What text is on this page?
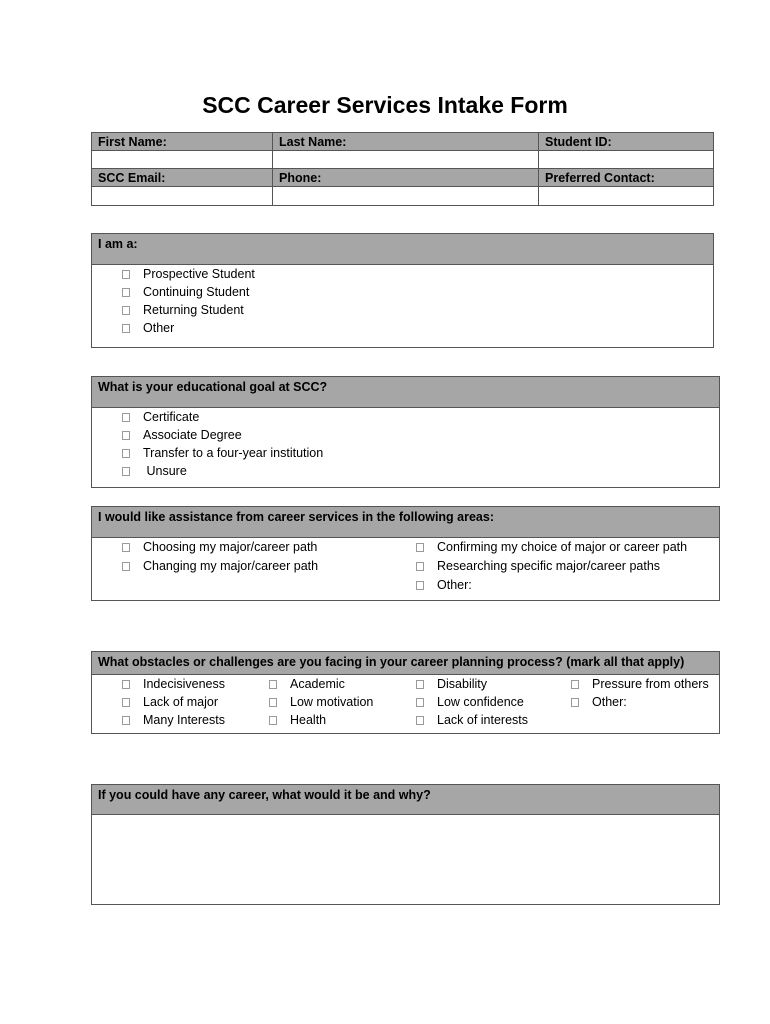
SCC Career Services Intake Form
First Name:	Last Name:	Student ID:
SCC Email:	Phone:	Preferred Contact:
I am a:
Prospective Student
Continuing Student
Returning Student
Other
What is your educational goal at SCC?
Certificate
Associate Degree
Transfer to a four-year institution
Unsure
I would like assistance from career services in the following areas:
Choosing my major/career path
Changing my major/career path
Confirming my choice of major or career path
Researching specific major/career paths
Other:
What obstacles or challenges are you facing in your career planning process? (mark all that apply)
Indecisiveness
Lack of major
Many Interests
Academic
Low motivation
Health
Disability
Low confidence
Lack of interests
Pressure from others
Other:
If you could have any career, what would it be and why?
